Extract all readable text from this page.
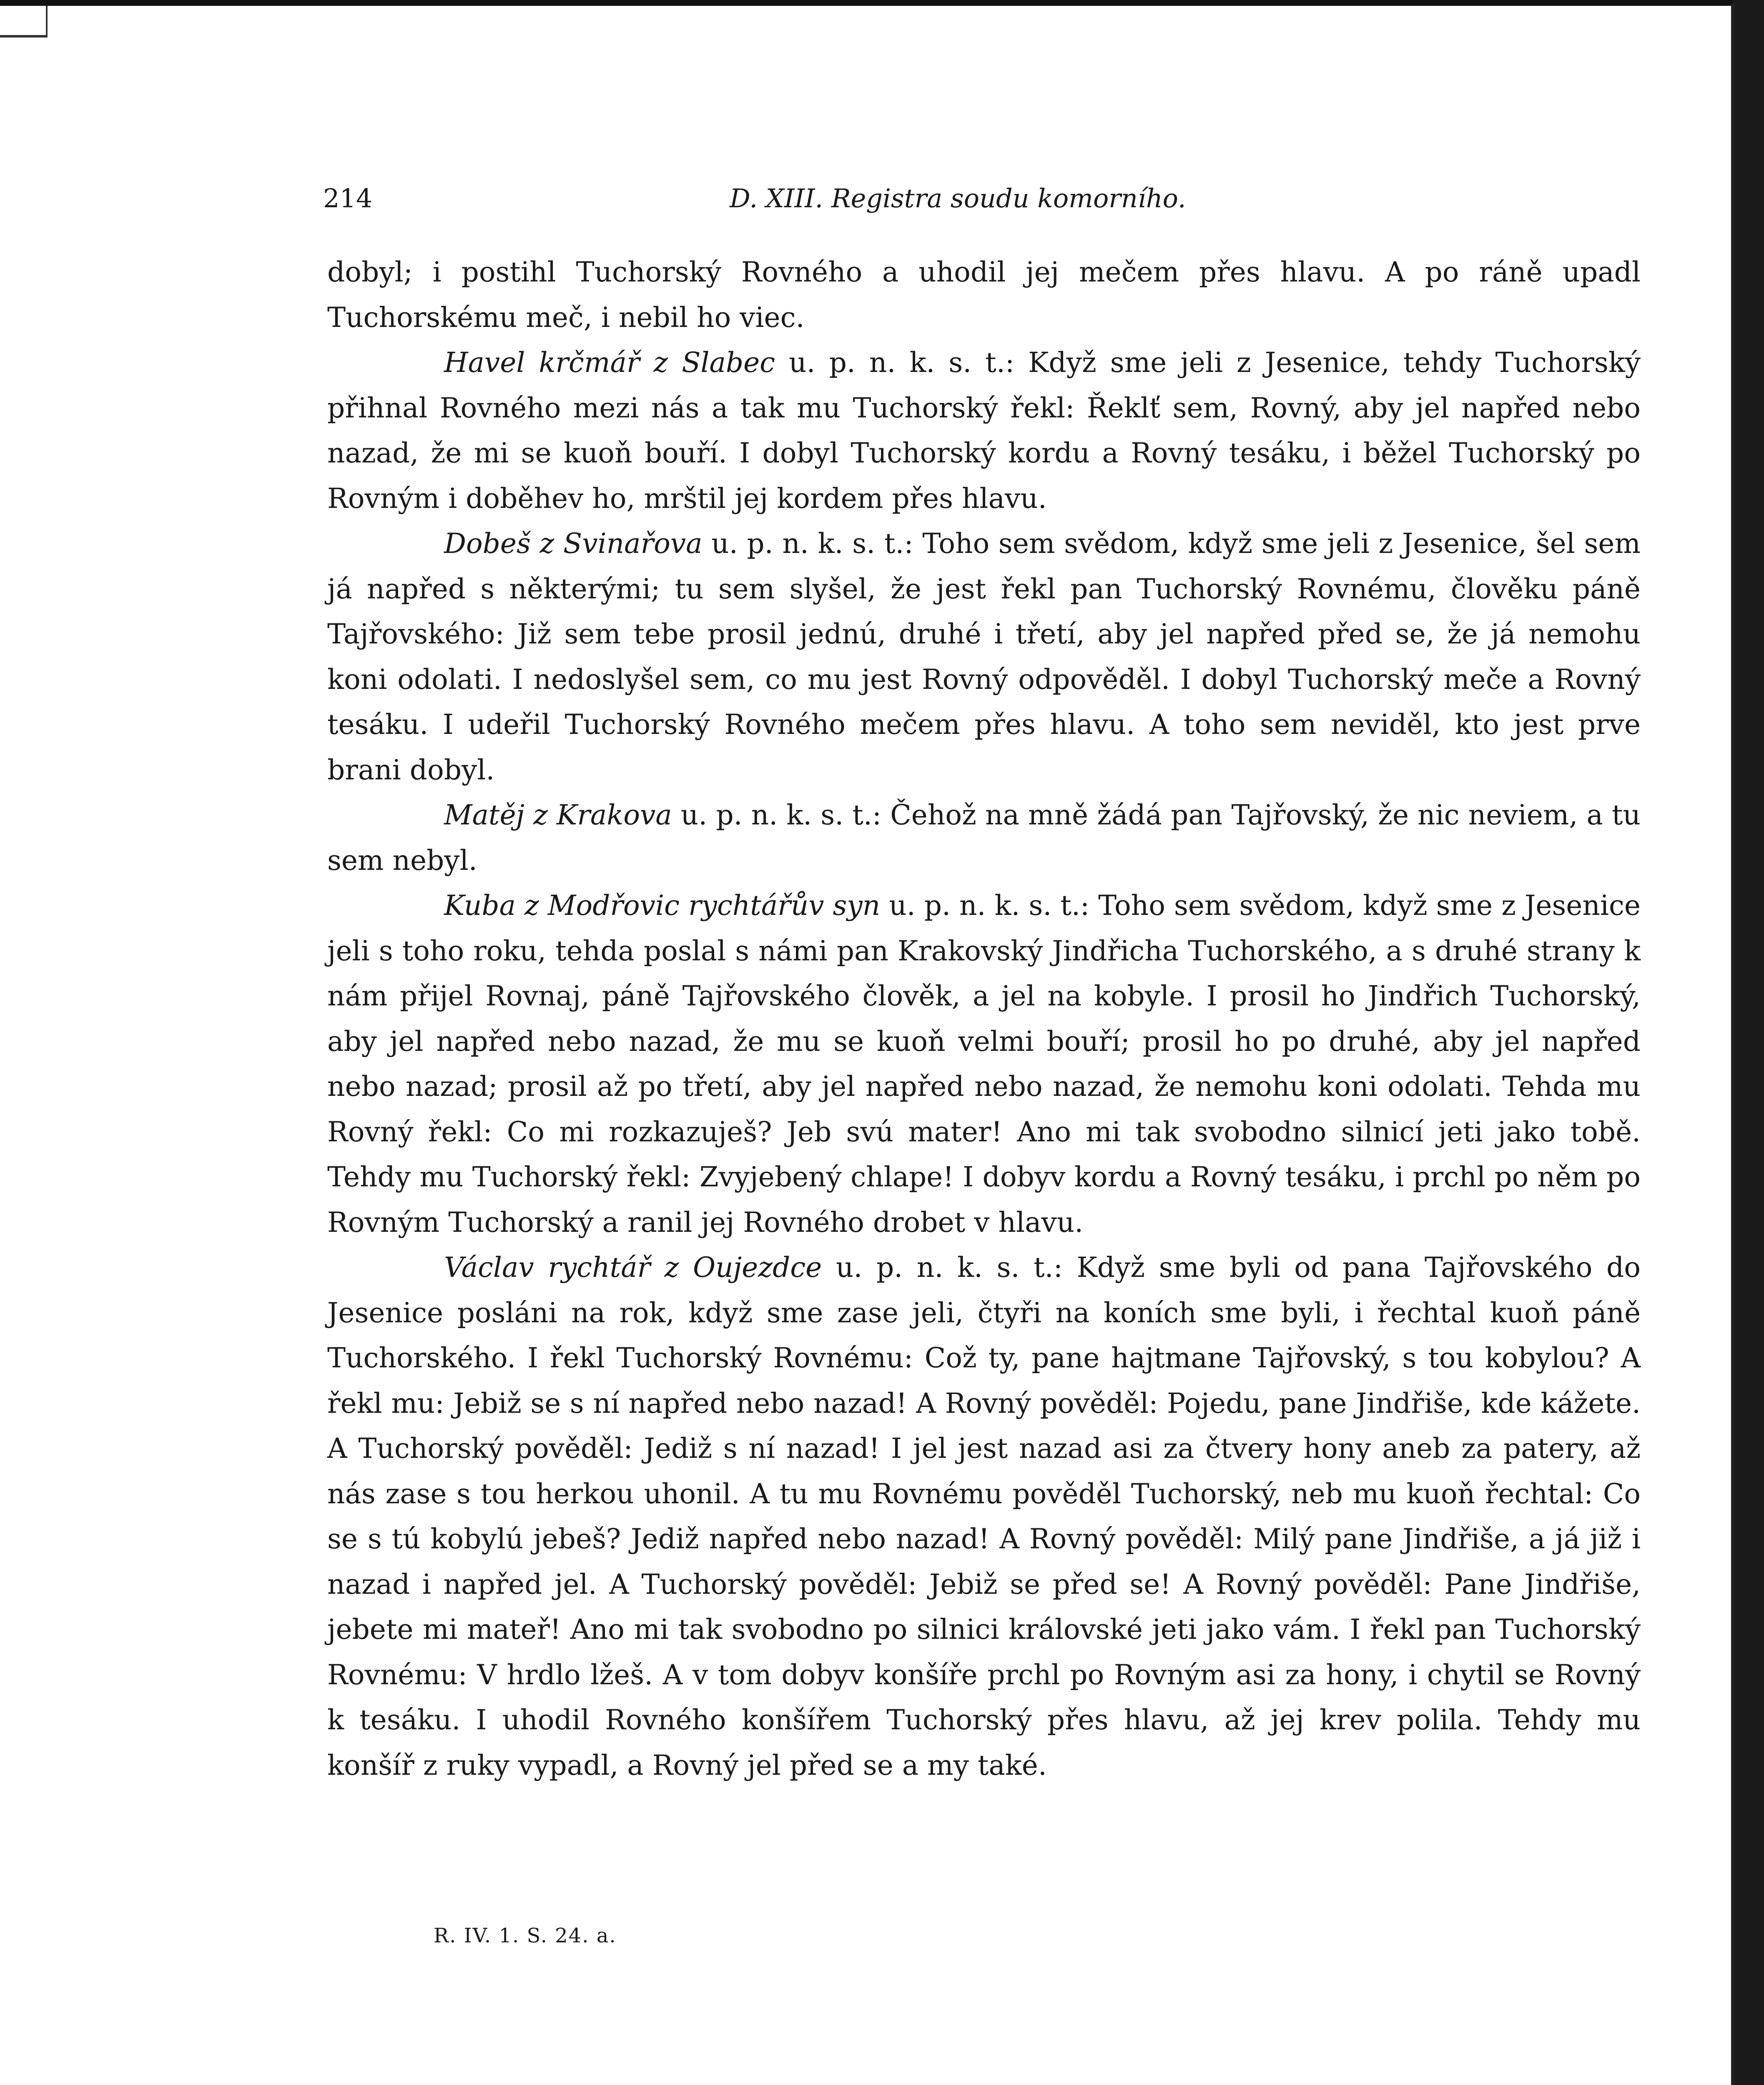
214	D. XIII. Registra soudu komorního.

dobyl; i postihl Tuchorský Rovného a uhodil jej mečem přes hlavu. A po ráně upadl Tuchorskému meč, i nebil ho viec.

Havel krčmář z Slabec u. p. n. k. s. t.: Když sme jeli z Jesenice, tehdy Tuchorský přihnal Rovného mezi nás a tak mu Tuchorský řekl: Řeklť sem, Rovný, aby jel napřed nebo nazad, že mi se kuoň bouří. I dobyl Tuchorský kordu a Rovný tesáku, i běžel Tuchorský po Rovným i doběhev ho, mrštil jej kordem přes hlavu.

Dobeš z Svinařova u. p. n. k. s. t.: Toho sem svědom, když sme jeli z Jesenice, šel sem já napřed s některými; tu sem slyšel, že jest řekl pan Tuchorský Rovnému, člověku páně Tajřovského: Již sem tebe prosil jednú, druhé i třetí, aby jel napřed před se, že já nemohu koni odolati. I nedoslyšel sem, co mu jest Rovný odpověděl. I dobyl Tuchorský meče a Rovný tesáku. I udeřil Tuchorský Rovného mečem přes hlavu. A toho sem neviděl, kto jest prve brani dobyl.

Matěj z Krakova u. p. n. k. s. t.: Čehož na mně žádá pan Tajřovský, že nic neviem, a tu sem nebyl.

Kuba z Modřovic rychtářův syn u. p. n. k. s. t.: Toho sem svědom, když sme z Jesenice jeli s toho roku, tehda poslal s námi pan Krakovský Jindřicha Tuchorského, a s druhé strany k nám přijel Rovnaj, páně Tajřovského člověk, a jel na kobyle. I prosil ho Jindřich Tuchorský, aby jel napřed nebo nazad, že mu se kuoň velmi bouří; prosil ho po druhé, aby jel napřed nebo nazad; prosil až po třetí, aby jel napřed nebo nazad, že nemohu koni odolati. Tehda mu Rovný řekl: Co mi rozkazuješ? Jeb svú mater! Ano mi tak svobodno silnicí jeti jako tobě. Tehdy mu Tuchorský řekl: Zvyjebený chlape! I dobyv kordu a Rovný tesáku, i prchl po něm po Rovným Tuchorský a ranil jej Rovného drobet v hlavu.

Václav rychtář z Oujezdce u. p. n. k. s. t.: Když sme byli od pana Tajřovského do Jesenice posláni na rok, když sme zase jeli, čtyři na koních sme byli, i řechtal kuoň páně Tuchorského. I řekl Tuchorský Rovnému: Což ty, pane hajtmane Tajřovský, s tou kobylou? A řekl mu: Jebiž se s ní napřed nebo nazad! A Rovný pověděl: Pojedu, pane Jindřiše, kde kážete. A Tuchorský pověděl: Jediž s ní nazad! I jel jest nazad asi za čtvery hony aneb za patery, až nás zase s tou herkou uhonil. A tu mu Rovnému pověděl Tuchorský, neb mu kuoň řechtal: Co se s tú kobylú jebeš? Jediž napřed nebo nazad! A Rovný pověděl: Milý pane Jindřiše, a já již i nazad i napřed jel. A Tuchorský pověděl: Jebiž se před se! A Rovný pověděl: Pane Jindřiše, jebete mi mateř! Ano mi tak svobodno po silnici královské jeti jako vám. I řekl pan Tuchorský Rovnému: V hrdlo lžeš. A v tom dobyv konšíře prchl po Rovným asi za hony, i chytil se Rovný k tesáku. I uhodil Rovného konšířem Tuchorský přes hlavu, až jej krev polila. Tehdy mu konšíř z ruky vypadl, a Rovný jel před se a my také.

R. IV. 1. S. 24. a.
